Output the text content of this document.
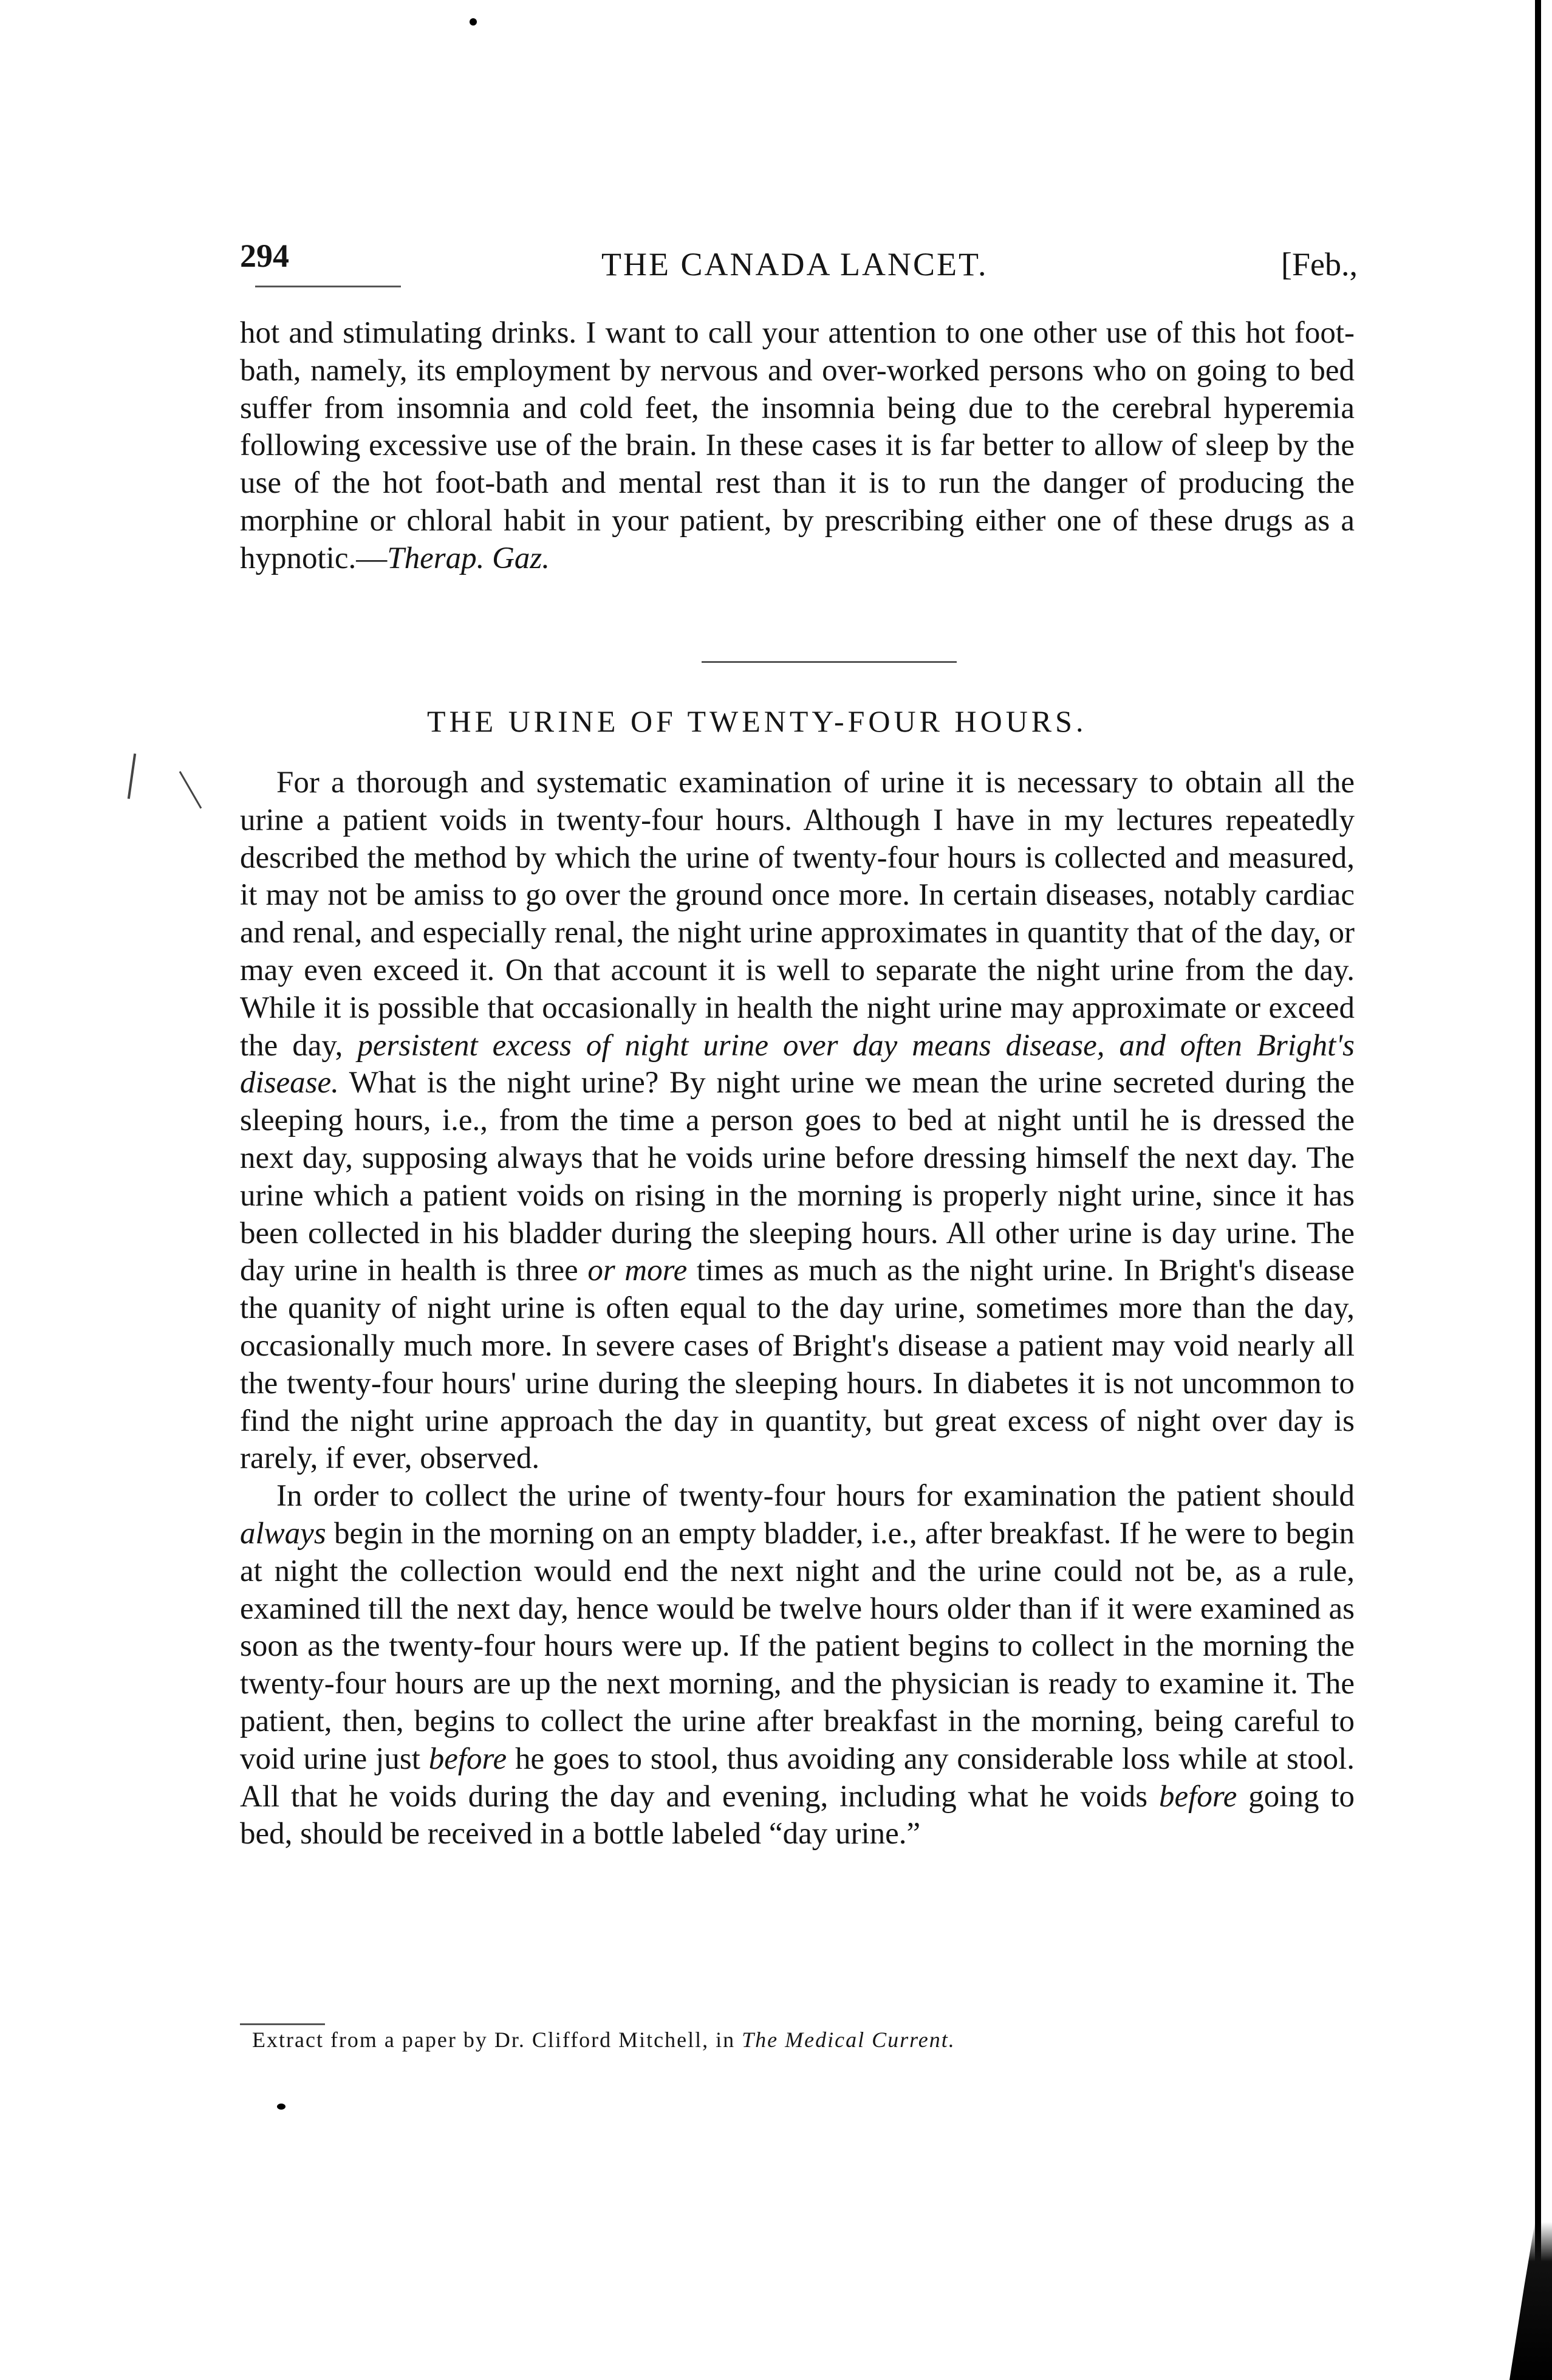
294	THE CANADA LANCET.	[Feb.,

hot and stimulating drinks. I want to call your attention to one other use of this hot foot-bath, namely, its employment by nervous and over-worked persons who on going to bed suffer from insomnia and cold feet, the insomnia being due to the cerebral hyperemia following excessive use of the brain. In these cases it is far better to allow of sleep by the use of the hot foot-bath and mental rest than it is to run the danger of producing the morphine or chloral habit in your patient, by prescribing either one of these drugs as a hypnotic.—Therap. Gaz.

THE URINE OF TWENTY-FOUR HOURS.

For a thorough and systematic examination of urine it is necessary to obtain all the urine a patient voids in twenty-four hours. Although I have in my lectures repeatedly described the method by which the urine of twenty-four hours is collected and measured, it may not be amiss to go over the ground once more. In certain diseases, notably cardiac and renal, and especially renal, the night urine approximates in quantity that of the day, or may even exceed it. On that account it is well to separate the night urine from the day. While it is possible that occasionally in health the night urine may approximate or exceed the day, persistent excess of night urine over day means disease, and often Bright's disease. What is the night urine? By night urine we mean the urine secreted during the sleeping hours, i.e., from the time a person goes to bed at night until he is dressed the next day, supposing always that he voids urine before dressing himself the next day. The urine which a patient voids on rising in the morning is properly night urine, since it has been collected in his bladder during the sleeping hours. All other urine is day urine. The day urine in health is three or more times as much as the night urine. In Bright's disease the quanity of night urine is often equal to the day urine, sometimes more than the day, occasionally much more. In severe cases of Bright's disease a patient may void nearly all the twenty-four hours' urine during the sleeping hours. In diabetes it is not uncommon to find the night urine approach the day in quantity, but great excess of night over day is rarely, if ever, observed.

In order to collect the urine of twenty-four hours for examination the patient should always begin in the morning on an empty bladder, i.e., after breakfast. If he were to begin at night the collection would end the next night and the urine could not be, as a rule, examined till the next day, hence would be twelve hours older than if it were examined as soon as the twenty-four hours were up. If the patient begins to collect in the morning the twenty-four hours are up the next morning, and the physician is ready to examine it. The patient, then, begins to collect the urine after breakfast in the morning, being careful to void urine just before he goes to stool, thus avoiding any considerable loss while at stool. All that he voids during the day and evening, including what he voids before going to bed, should be received in a bottle labeled “day urine.”

Extract from a paper by Dr. Clifford Mitchell, in The Medical Current.
